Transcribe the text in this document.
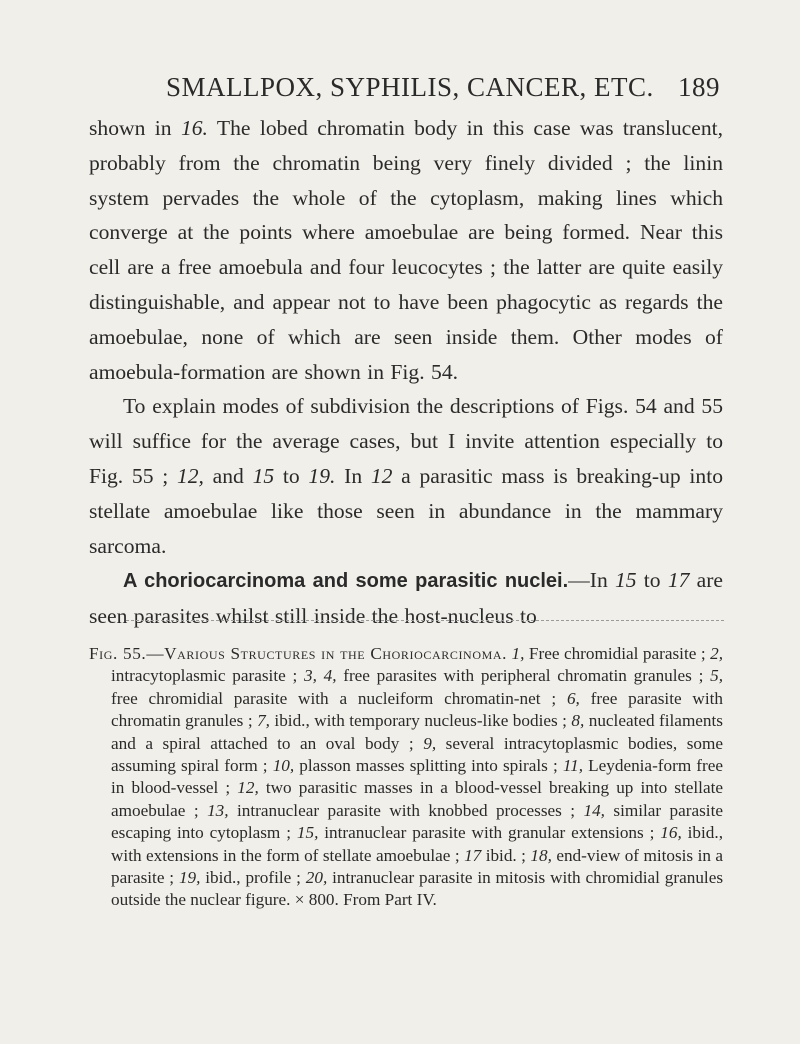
SMALLPOX, SYPHILIS, CANCER, ETC. 189

shown in 16. The lobed chromatin body in this case was translucent, probably from the chromatin being very finely divided ; the linin system pervades the whole of the cytoplasm, making lines which converge at the points where amoebulae are being formed. Near this cell are a free amoebula and four leucocytes ; the latter are quite easily distinguishable, and appear not to have been phagocytic as regards the amoebulae, none of which are seen inside them. Other modes of amoebula-formation are shown in Fig. 54.

To explain modes of subdivision the descriptions of Figs. 54 and 55 will suffice for the average cases, but I invite attention especially to Fig. 55 ; 12, and 15 to 19. In 12 a parasitic mass is breaking-up into stellate amoebulae like those seen in abundance in the mammary sarcoma.

A choriocarcinoma and some parasitic nuclei.—In 15 to 17 are seen parasites whilst still inside the host-nucleus to

Fig. 55.—Various Structures in the Choriocarcinoma. 1, Free chromidial parasite ; 2, intracytoplasmic parasite ; 3, 4, free parasites with peripheral chromatin granules ; 5, free chromidial parasite with a nucleiform chromatin-net ; 6, free parasite with chromatin granules ; 7, ibid., with temporary nucleus-like bodies ; 8, nucleated filaments and a spiral attached to an oval body ; 9, several intracytoplasmic bodies, some assuming spiral form ; 10, plasson masses splitting into spirals ; 11, Leydenia-form free in blood-vessel ; 12, two parasitic masses in a blood-vessel breaking up into stellate amoebulae ; 13, intranuclear parasite with knobbed processes ; 14, similar parasite escaping into cytoplasm ; 15, intranuclear parasite with granular extensions ; 16, ibid., with extensions in the form of stellate amoebulae ; 17 ibid. ; 18, end-view of mitosis in a parasite ; 19, ibid., profile ; 20, intranuclear parasite in mitosis with chromidial granules outside the nuclear figure. × 800. From Part IV.
